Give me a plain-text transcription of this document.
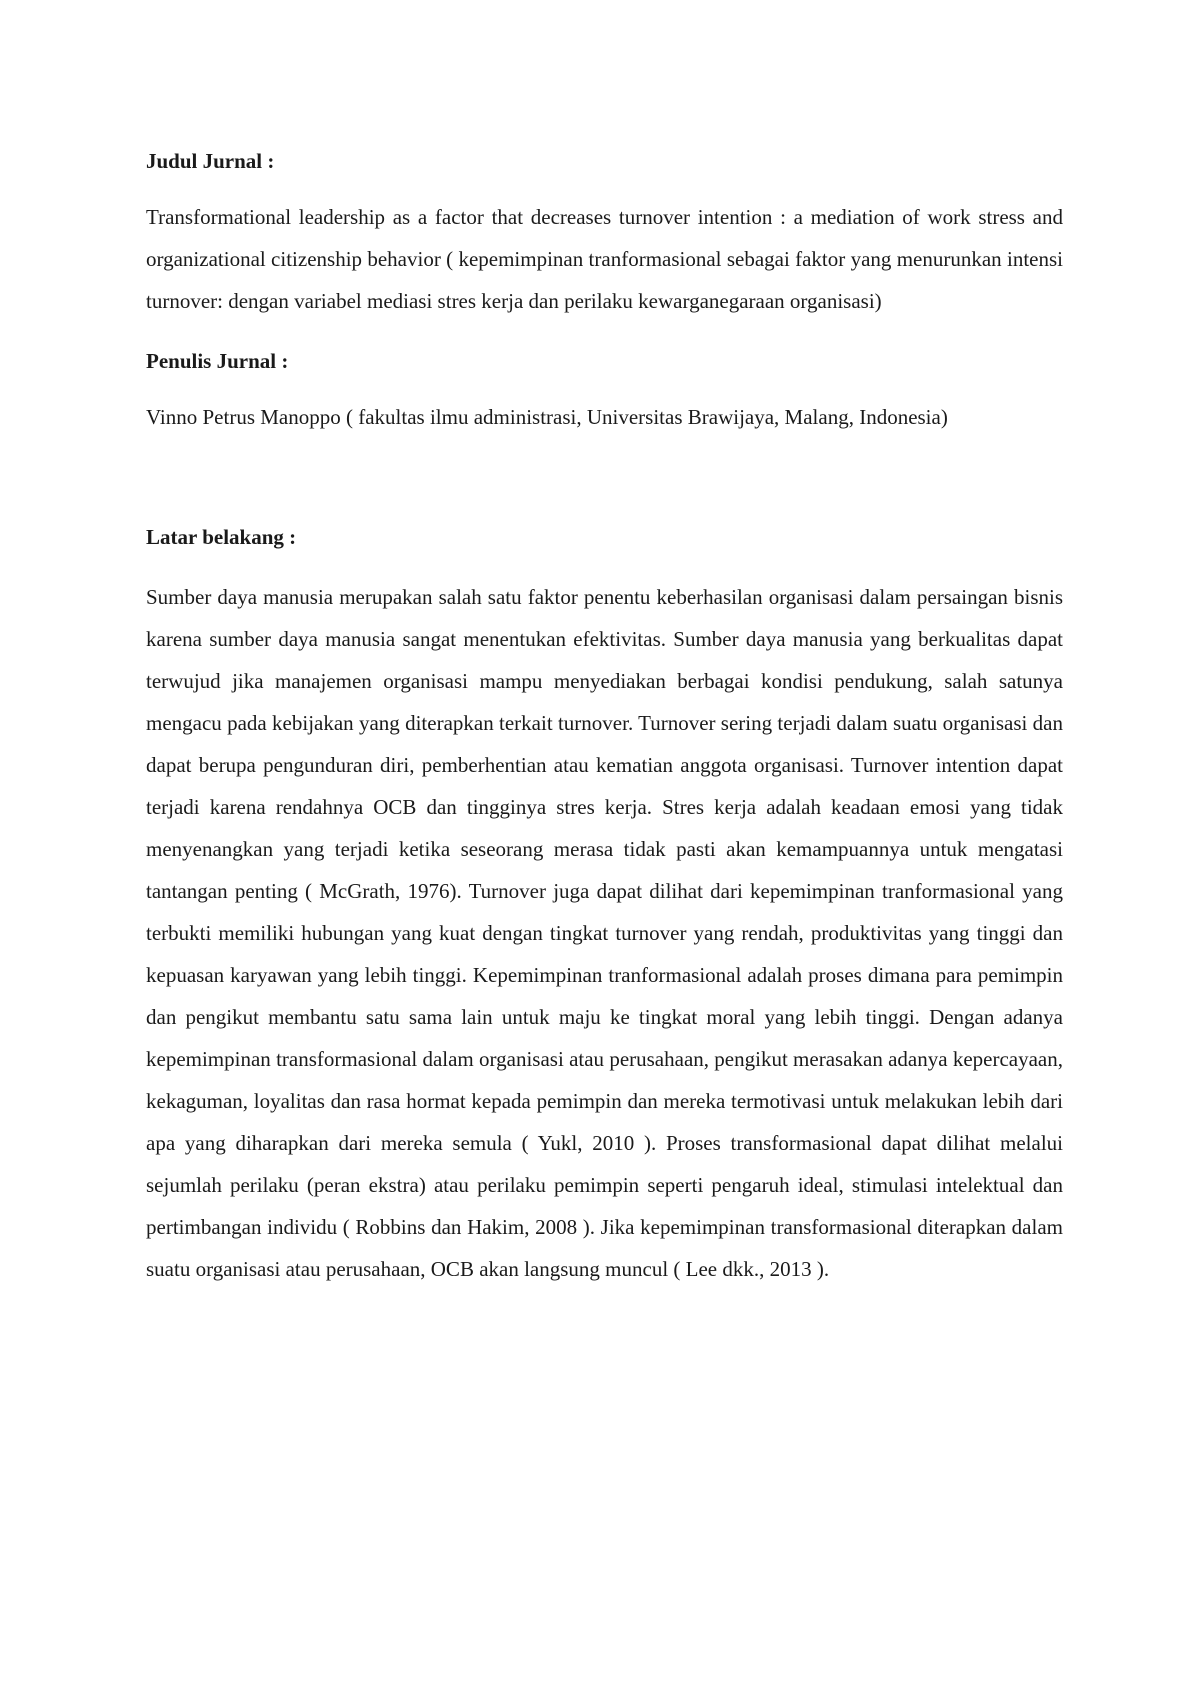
Judul Jurnal :

Transformational leadership as a factor that decreases turnover intention : a mediation of work stress and organizational citizenship behavior ( kepemimpinan tranformasional sebagai faktor yang menurunkan intensi turnover: dengan variabel mediasi stres kerja dan perilaku kewarganegaraan organisasi)

Penulis Jurnal :

Vinno Petrus Manoppo ( fakultas ilmu administrasi, Universitas Brawijaya, Malang, Indonesia)

Latar belakang :

Sumber daya manusia merupakan salah satu faktor penentu keberhasilan organisasi dalam persaingan bisnis karena sumber daya manusia sangat menentukan efektivitas. Sumber daya manusia yang berkualitas dapat terwujud jika manajemen organisasi mampu menyediakan berbagai kondisi pendukung, salah satunya mengacu pada kebijakan yang diterapkan terkait turnover. Turnover sering terjadi dalam suatu organisasi dan dapat berupa pengunduran diri, pemberhentian atau kematian anggota organisasi. Turnover intention dapat terjadi karena rendahnya OCB dan tingginya stres kerja. Stres kerja adalah keadaan emosi yang tidak menyenangkan yang terjadi ketika seseorang merasa tidak pasti akan kemampuannya untuk mengatasi tantangan penting ( McGrath, 1976). Turnover juga dapat dilihat dari kepemimpinan tranformasional yang terbukti memiliki hubungan yang kuat dengan tingkat turnover yang rendah, produktivitas yang tinggi dan kepuasan karyawan yang lebih tinggi. Kepemimpinan tranformasional adalah proses dimana para pemimpin dan pengikut membantu satu sama lain untuk maju ke tingkat moral yang lebih tinggi. Dengan adanya kepemimpinan transformasional dalam organisasi atau perusahaan, pengikut merasakan adanya kepercayaan, kekaguman, loyalitas dan rasa hormat kepada pemimpin dan mereka termotivasi untuk melakukan lebih dari apa yang diharapkan dari mereka semula ( Yukl, 2010 ). Proses transformasional dapat dilihat melalui sejumlah perilaku (peran ekstra) atau perilaku pemimpin seperti pengaruh ideal, stimulasi intelektual dan pertimbangan individu ( Robbins dan Hakim, 2008 ). Jika kepemimpinan transformasional diterapkan dalam suatu organisasi atau perusahaan, OCB akan langsung muncul ( Lee dkk., 2013 ).
